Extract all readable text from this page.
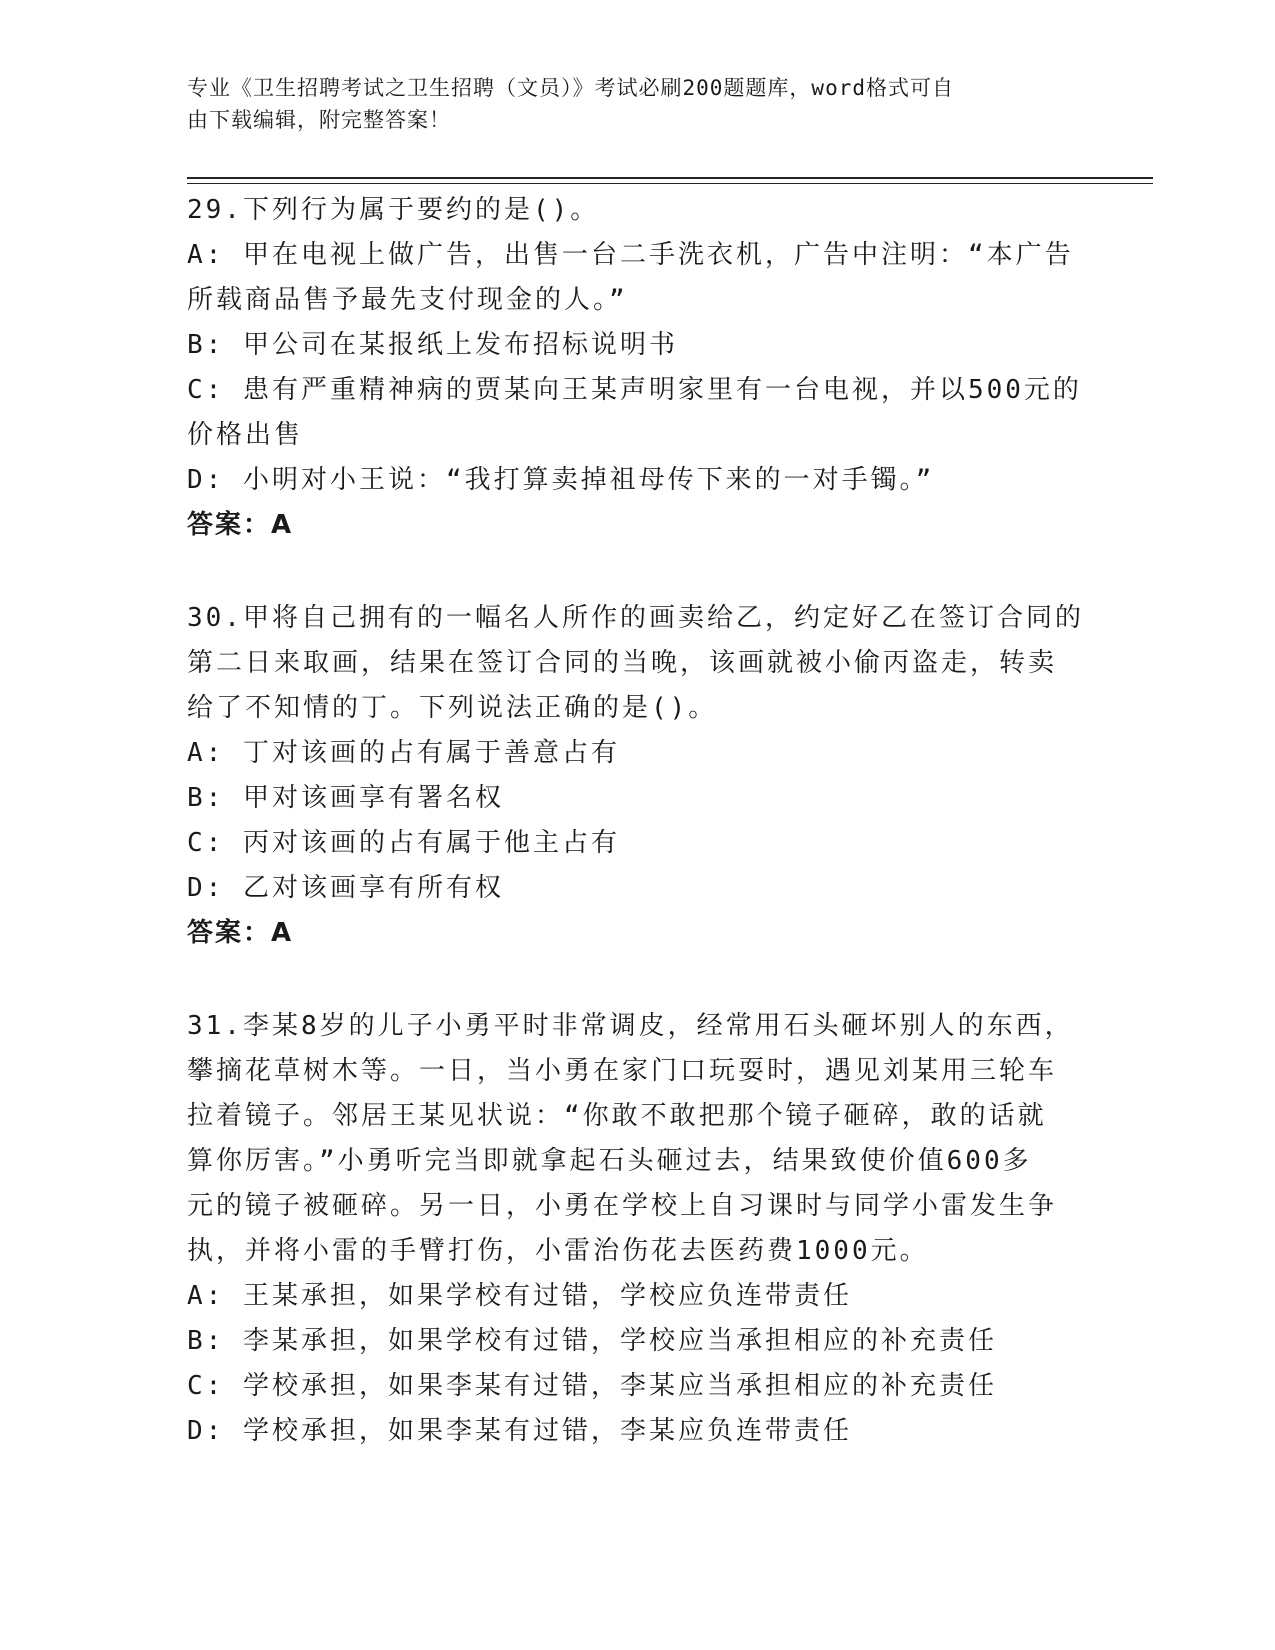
专业《卫生招聘考试之卫生招聘（文员）》考试必刷200题题库，word格式可自
由下载编辑，附完整答案！
29.下列行为属于要约的是()。
A: 甲在电视上做广告，出售一台二手洗衣机，广告中注明：“本广告
所载商品售予最先支付现金的人。”
B: 甲公司在某报纸上发布招标说明书
C: 患有严重精神病的贾某向王某声明家里有一台电视，并以500元的
价格出售
D: 小明对小王说：“我打算卖掉祖母传下来的一对手镯。”
答案：A
30.甲将自己拥有的一幅名人所作的画卖给乙，约定好乙在签订合同的
第二日来取画，结果在签订合同的当晚，该画就被小偷丙盗走，转卖
给了不知情的丁。下列说法正确的是()。
A: 丁对该画的占有属于善意占有
B: 甲对该画享有署名权
C: 丙对该画的占有属于他主占有
D: 乙对该画享有所有权
答案：A
31.李某8岁的儿子小勇平时非常调皮，经常用石头砸坏别人的东西，
攀摘花草树木等。一日，当小勇在家门口玩耍时，遇见刘某用三轮车
拉着镜子。邻居王某见状说：“你敢不敢把那个镜子砸碎，敢的话就
算你厉害。”小勇听完当即就拿起石头砸过去，结果致使价值600多
元的镜子被砸碎。另一日，小勇在学校上自习课时与同学小雷发生争
执，并将小雷的手臂打伤，小雷治伤花去医药费1000元。
A: 王某承担，如果学校有过错，学校应负连带责任
B: 李某承担，如果学校有过错，学校应当承担相应的补充责任
C: 学校承担，如果李某有过错，李某应当承担相应的补充责任
D: 学校承担，如果李某有过错，李某应负连带责任
